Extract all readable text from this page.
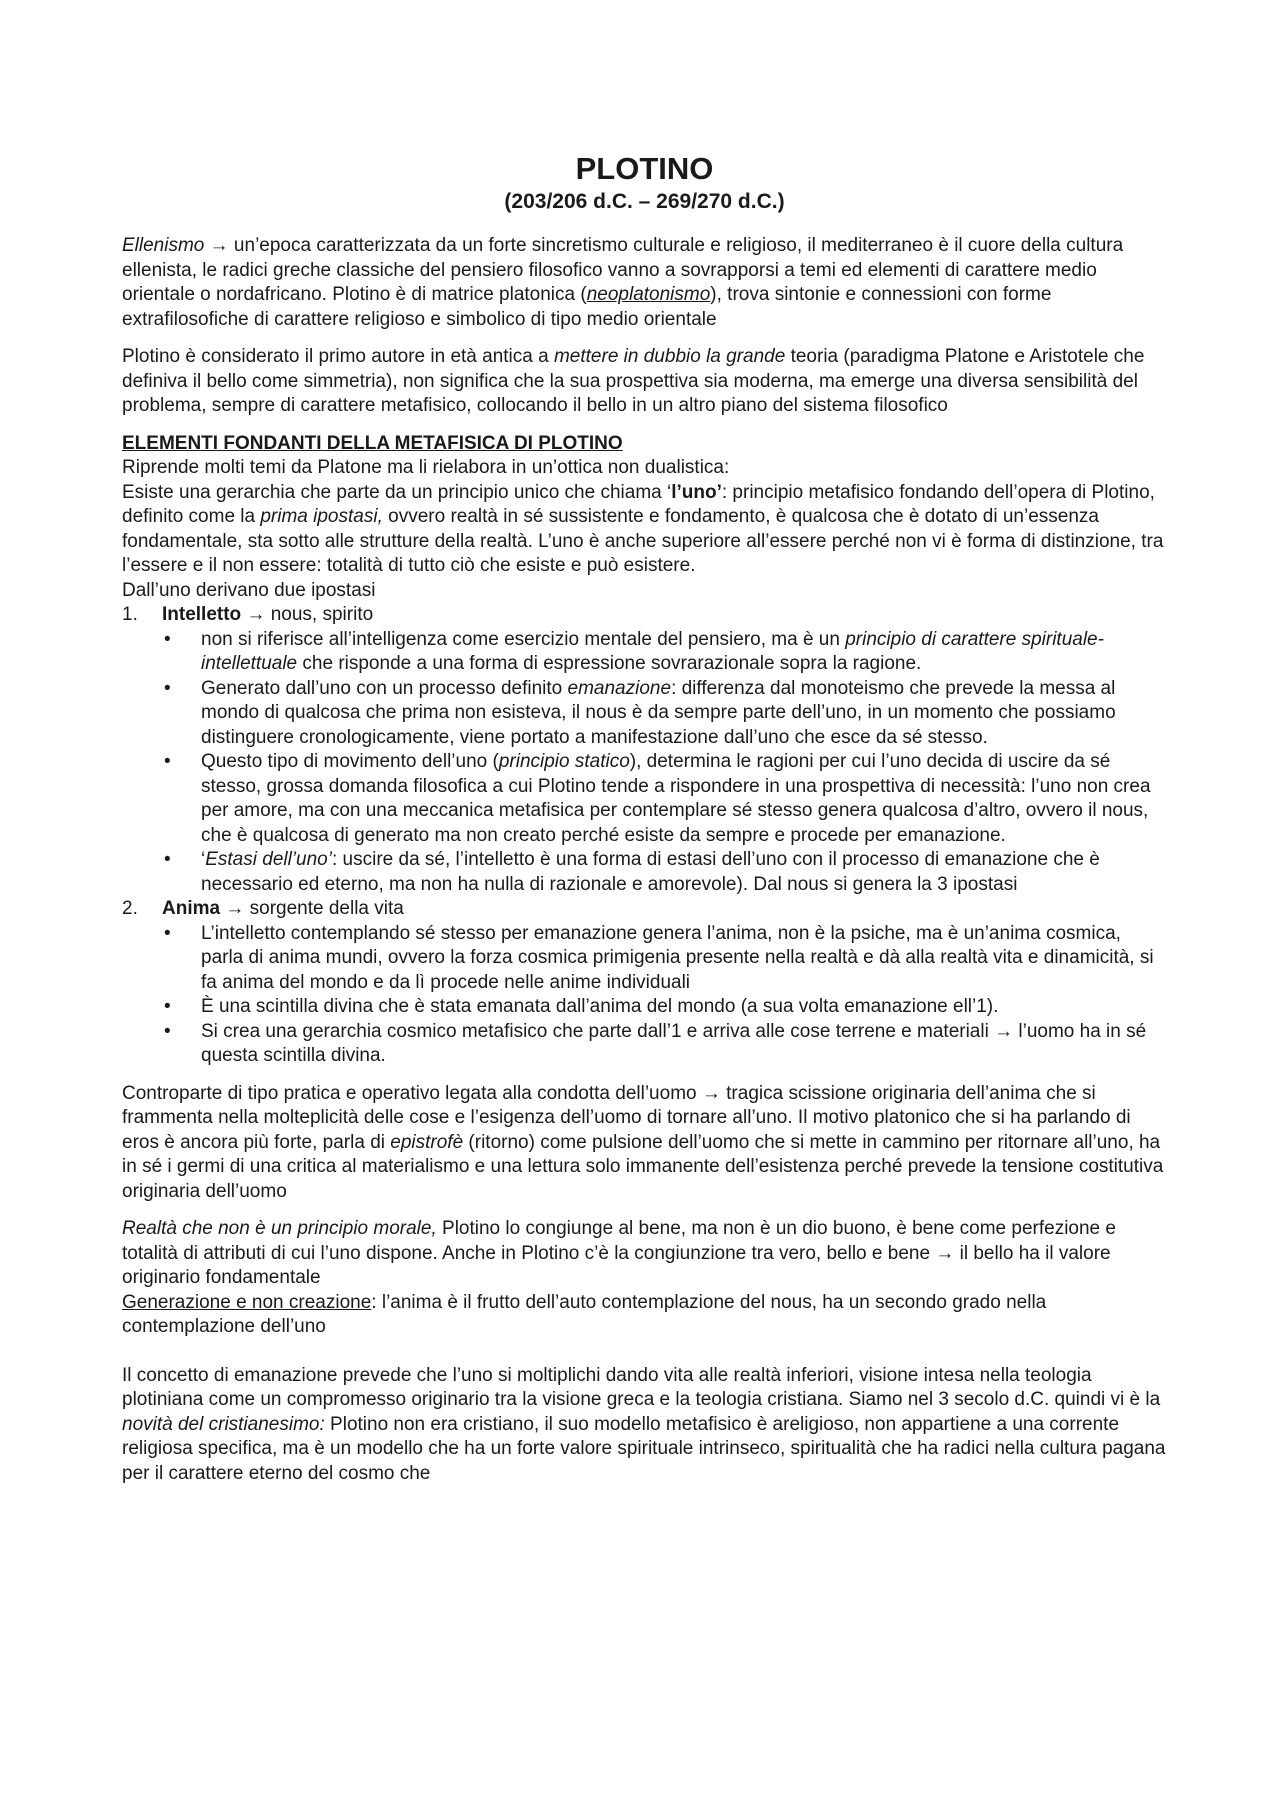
PLOTINO
(203/206 d.C. – 269/270 d.C.)

Ellenismo → un’epoca caratterizzata da un forte sincretismo culturale e religioso, il mediterraneo è il cuore della cultura ellenista, le radici greche classiche del pensiero filosofico vanno a sovrapporsi a temi ed elementi di carattere medio orientale o nordafricano. Plotino è di matrice platonica (neoplatonismo), trova sintonie e connessioni con forme extrafilosofiche di carattere religioso e simbolico di tipo medio orientale

Plotino è considerato il primo autore in età antica a mettere in dubbio la grande teoria (paradigma Platone e Aristotele che definiva il bello come simmetria), non significa che la sua prospettiva sia moderna, ma emerge una diversa sensibilità del problema, sempre di carattere metafisico, collocando il bello in un altro piano del sistema filosofico

ELEMENTI FONDANTI DELLA METAFISICA DI PLOTINO

Riprende molti temi da Platone ma li rielabora in un’ottica non dualistica:

Esiste una gerarchia che parte da un principio unico che chiama ‘l’uno’: principio metafisico fondando dell’opera di Plotino, definito come la prima ipostasi, ovvero realtà in sé sussistente e fondamento, è qualcosa che è dotato di un’essenza fondamentale, sta sotto alle strutture della realtà. L’uno è anche superiore all’essere perché non vi è forma di distinzione, tra l’essere e il non essere: totalità di tutto ciò che esiste e può esistere.

Dall’uno derivano due ipostasi

1. Intelletto → nous, spirito
• non si riferisce all’intelligenza come esercizio mentale del pensiero, ma è un principio di carattere spirituale-intellettuale che risponde a una forma di espressione sovrarazionale sopra la ragione.
• Generato dall’uno con un processo definito emanazione: differenza dal monoteismo che prevede la messa al mondo di qualcosa che prima non esisteva, il nous è da sempre parte dell’uno, in un momento che possiamo distinguere cronologicamente, viene portato a manifestazione dall’uno che esce da sé stesso.
• Questo tipo di movimento dell’uno (principio statico), determina le ragioni per cui l’uno decida di uscire da sé stesso, grossa domanda filosofica a cui Plotino tende a rispondere in una prospettiva di necessità: l’uno non crea per amore, ma con una meccanica metafisica per contemplare sé stesso genera qualcosa d’altro, ovvero il nous, che è qualcosa di generato ma non creato perché esiste da sempre e procede per emanazione.
• ‘Estasi dell’uno’: uscire da sé, l’intelletto è una forma di estasi dell’uno con il processo di emanazione che è necessario ed eterno, ma non ha nulla di razionale e amorevole). Dal nous si genera la 3 ipostasi
2. Anima → sorgente della vita
• L’intelletto contemplando sé stesso per emanazione genera l’anima, non è la psiche, ma è un’anima cosmica, parla di anima mundi, ovvero la forza cosmica primigenia presente nella realtà e dà alla realtà vita e dinamicità, si fa anima del mondo e da lì procede nelle anime individuali
• È una scintilla divina che è stata emanata dall’anima del mondo (a sua volta emanazione ell’1).
• Si crea una gerarchia cosmico metafisico che parte dall’1 e arriva alle cose terrene e materiali → l’uomo ha in sé questa scintilla divina.

Controparte di tipo pratica e operativo legata alla condotta dell’uomo → tragica scissione originaria dell’anima che si frammenta nella molteplicità delle cose e l’esigenza dell’uomo di tornare all’uno. Il motivo platonico che si ha parlando di eros è ancora più forte, parla di epistrofè (ritorno) come pulsione dell’uomo che si mette in cammino per ritornare all’uno, ha in sé i germi di una critica al materialismo e una lettura solo immanente dell’esistenza perché prevede la tensione costitutiva originaria dell’uomo

Realtà che non è un principio morale, Plotino lo congiunge al bene, ma non è un dio buono, è bene come perfezione e totalità di attributi di cui l’uno dispone. Anche in Plotino c’è la congiunzione tra vero, bello e bene → il bello ha il valore originario fondamentale

Generazione e non creazione: l’anima è il frutto dell’auto contemplazione del nous, ha un secondo grado nella contemplazione dell’uno

Il concetto di emanazione prevede che l’uno si moltiplichi dando vita alle realtà inferiori, visione intesa nella teologia plotiniana come un compromesso originario tra la visione greca e la teologia cristiana. Siamo nel 3 secolo d.C. quindi vi è la novità del cristianesimo: Plotino non era cristiano, il suo modello metafisico è areligioso, non appartiene a una corrente religiosa specifica, ma è un modello che ha un forte valore spirituale intrinseco, spiritualità che ha radici nella cultura pagana per il carattere eterno del cosmo che
